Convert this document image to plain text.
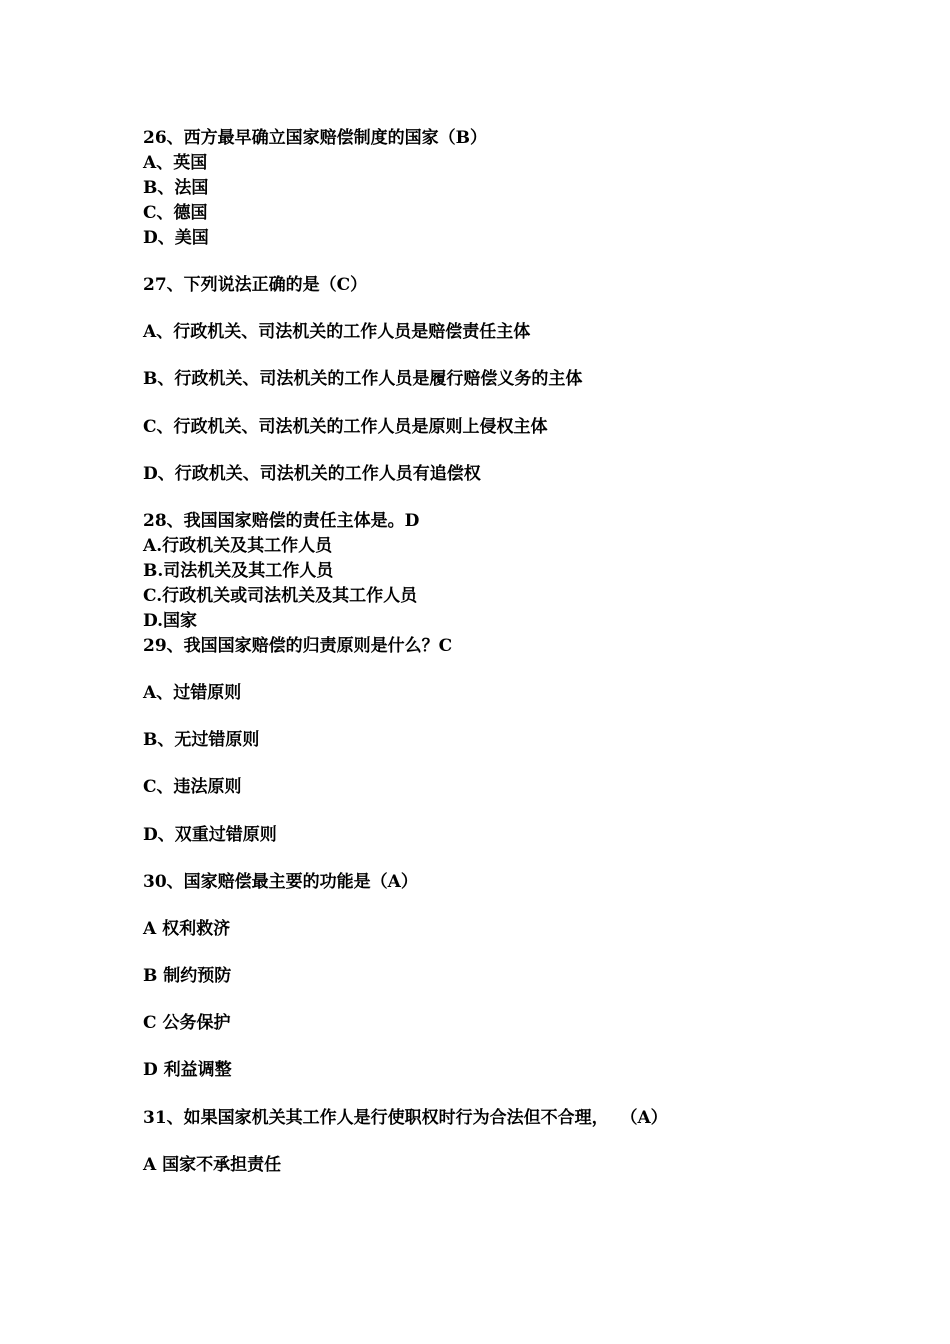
26、西方最早确立国家赔偿制度的国家（B）
A、英国
B、法国
C、德国
D、美国
27、下列说法正确的是（C）
A、行政机关、司法机关的工作人员是赔偿责任主体
B、行政机关、司法机关的工作人员是履行赔偿义务的主体
C、行政机关、司法机关的工作人员是原则上侵权主体
D、行政机关、司法机关的工作人员有追偿权
28、我国国家赔偿的责任主体是。D
A.行政机关及其工作人员
B.司法机关及其工作人员
C.行政机关或司法机关及其工作人员
D.国家
29、我国国家赔偿的归责原则是什么？C
A、过错原则
B、无过错原则
C、违法原则
D、双重过错原则
30、国家赔偿最主要的功能是（A）
A 权利救济
B 制约预防
C 公务保护
D 利益调整
31、如果国家机关其工作人是行使职权时行为合法但不合理，  （A）
A 国家不承担责任
